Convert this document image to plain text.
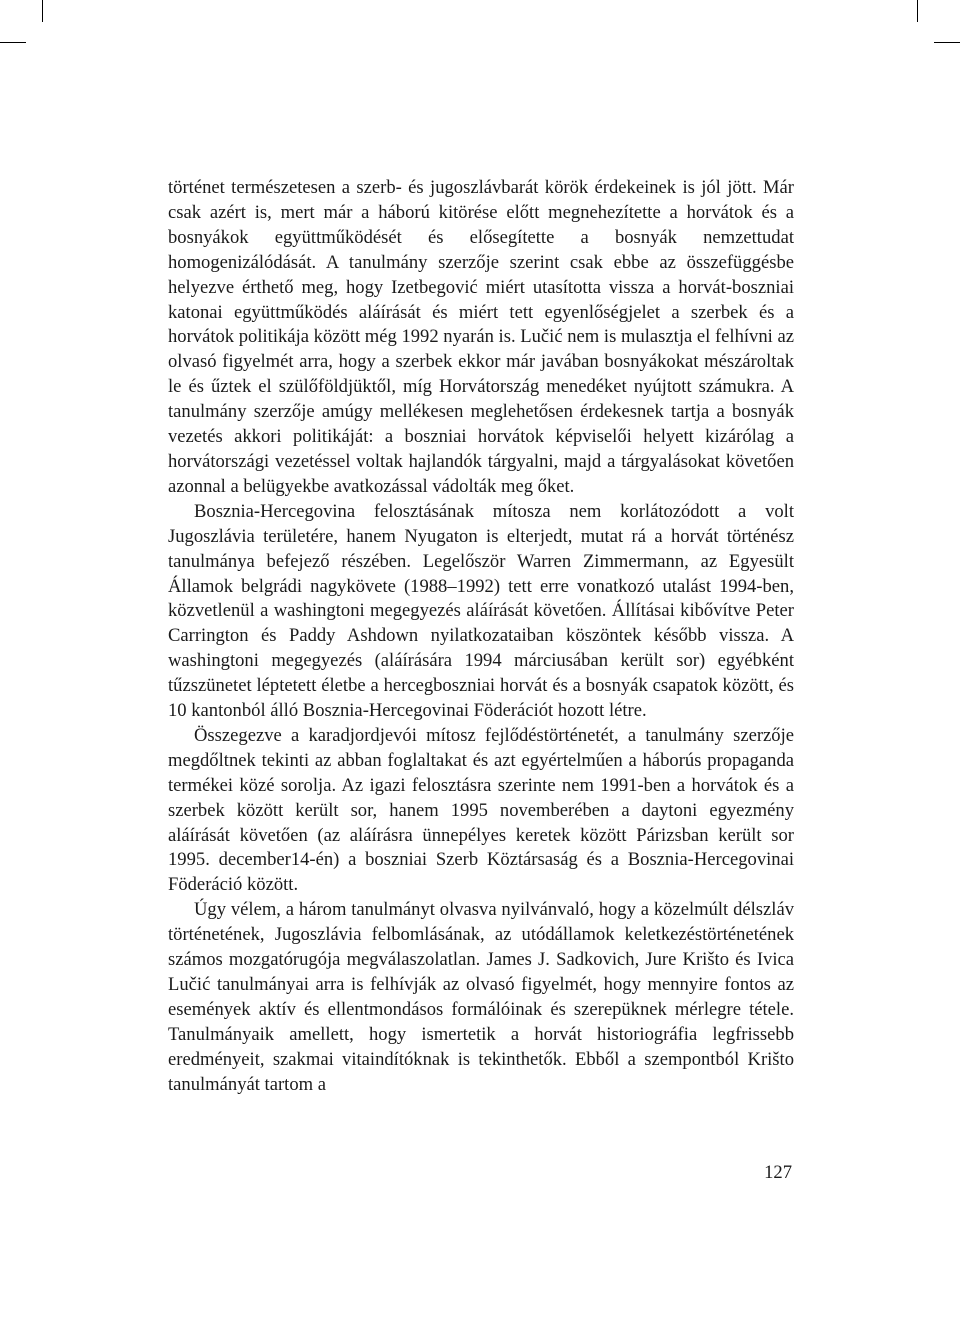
történet természetesen a szerb- és jugoszlávbarát körök érdekeinek is jól jött. Már csak azért is, mert már a háború kitörése előtt megnehezítette a horvátok és a bosnyákok együttműködését és elősegítette a bosnyák nemzettudat homogenizálódását. A tanulmány szerzője szerint csak ebbe az összefüggésbe helyezve érthető meg, hogy Izetbegović miért utasította vissza a horvát-boszniai katonai együttműködés aláírását és miért tett egyenlőségjelet a szerbek és a horvátok politikája között még 1992 nyarán is. Lučić nem is mulasztja el felhívni az olvasó figyelmét arra, hogy a szerbek ekkor már javában bosnyákokat mészároltak le és űztek el szülőföldjüktől, míg Horvátország menedéket nyújtott számukra. A tanulmány szerzője amúgy mellékesen meglehetősen érdekesnek tartja a bosnyák vezetés akkori politikáját: a boszniai horvátok képviselői helyett kizárólag a horvátországi vezetéssel voltak hajlandók tárgyalni, majd a tárgyalásokat követően azonnal a belügyekbe avatkozással vádolták meg őket.

Bosznia-Hercegovina felosztásának mítosza nem korlátozódott a volt Jugoszlávia területére, hanem Nyugaton is elterjedt, mutat rá a horvát történész tanulmánya befejező részében. Legelőször Warren Zimmermann, az Egyesült Államok belgrádi nagykövete (1988–1992) tett erre vonatkozó utalást 1994-ben, közvetlenül a washingtoni megegyezés aláírását követően. Állításai kibővítve Peter Carrington és Paddy Ashdown nyilatkozataiban köszöntek később vissza. A washingtoni megegyezés (aláírására 1994 márciusában került sor) egyébként tűzszünetet léptetett életbe a hercegboszniai horvát és a bosnyák csapatok között, és 10 kantonból álló Bosznia-Hercegovinai Föderációt hozott létre.

Összegezve a karadjordjevói mítosz fejlődéstörténetét, a tanulmány szerzője megdőltnek tekinti az abban foglaltakat és azt egyértelműen a háborús propaganda termékei közé sorolja. Az igazi felosztásra szerinte nem 1991-ben a horvátok és a szerbek között került sor, hanem 1995 novemberében a daytoni egyezmény aláírását követően (az aláírásra ünnepélyes keretek között Párizsban került sor 1995. december14-én) a boszniai Szerb Köztársaság és a Bosznia-Hercegovinai Föderáció között.

Úgy vélem, a három tanulmányt olvasva nyilvánvaló, hogy a közelmúlt délszláv történetének, Jugoszlávia felbomlásának, az utódállamok keletkezéstörténetének számos mozgatórugója megválaszolatlan. James J. Sadkovich, Jure Krišto és Ivica Lučić tanulmányai arra is felhívják az olvasó figyelmét, hogy mennyire fontos az események aktív és ellentmondásos formálóinak és szerepüknek mérlegre tétele. Tanulmányaik amellett, hogy ismertetik a horvát historiográfia legfrissebb eredményeit, szakmai vitaindítóknak is tekinthetők. Ebből a szempontból Krišto tanulmányát tartom a

127
